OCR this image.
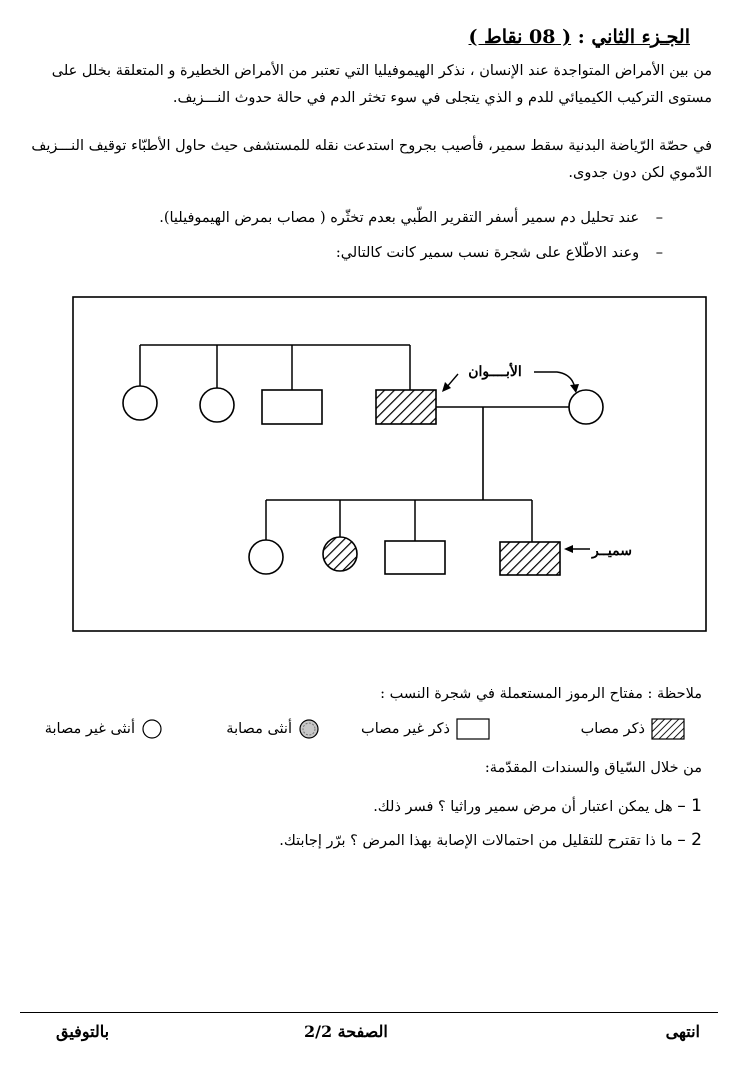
الجـزء الثاني : ( 08 نقاط )
من بين الأمراض المتواجدة عند الإنسان ، نذكر الهيموفيليا التي تعتبر من الأمراض الخطيرة و المتعلقة بخلل على مستوى التركيب الكيميائي للدم و الذي يتجلى في سوء تخثر الدم في حالة حدوث النـــزيف.
في حصّة الرّياضة البدنية سقط سمير، فأصيب بجروح استدعت نقله للمستشفى حيث حاول الأطبّاء توقيف النـــزيف الدّموي لكن دون جدوى.
– عند تحليل دم سمير أسفر التقرير الطّبي بعدم تخثّره ( مصاب بمرض الهيموفيليا).
– وعند الاطّلاع على شجرة نسب سمير كانت كالتالي:
الأبــــوان
سميــر
ملاحظة : مفتاح الرموز المستعملة في شجرة النسب :
ذكر مصاب
ذكر غير مصاب
أنثى مصابة
أنثى غير مصابة
من خلال السّياق والسندات المقدّمة:
1 – هل يمكن اعتبار أن مرض سمير وراثيا ؟ فسر ذلك.
2 – ما ذا تقترح للتقليل من احتمالات الإصابة بهذا المرض ؟ برّر إجابتك.
انتهى
الصفحة 2/2
بالتوفيق
